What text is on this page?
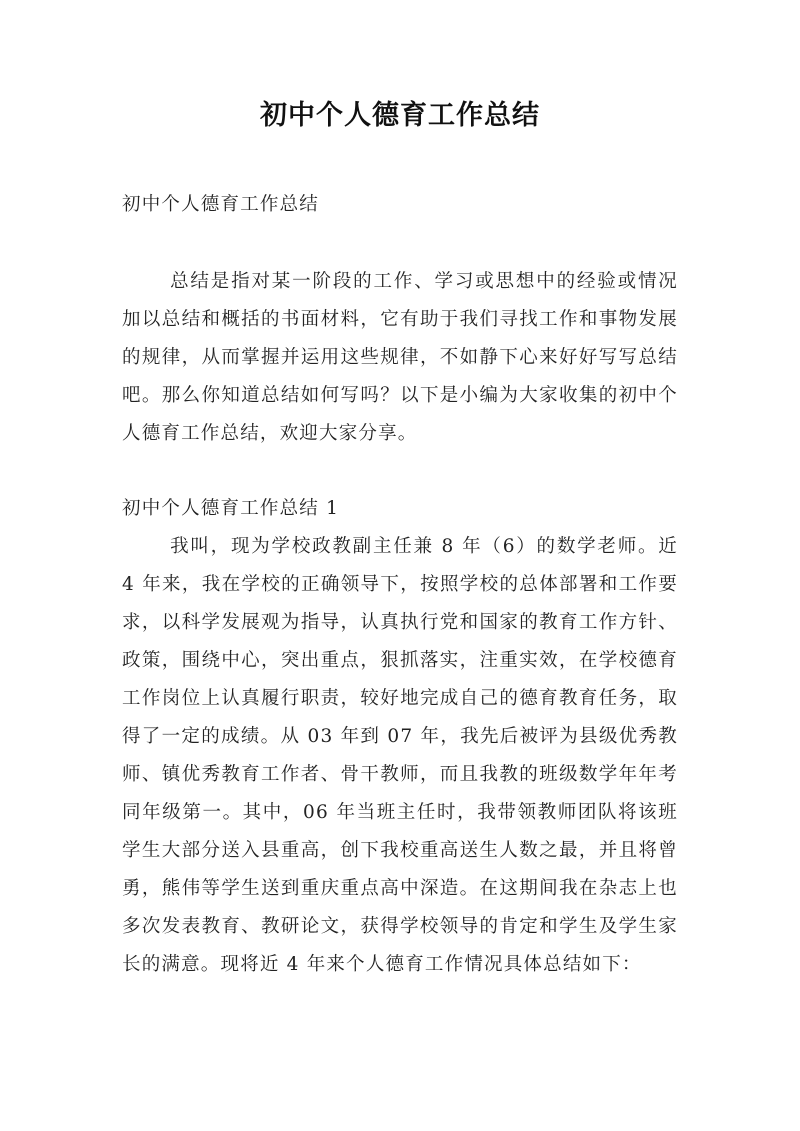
初中个人德育工作总结

初中个人德育工作总结

总结是指对某一阶段的工作、学习或思想中的经验或情况加以总结和概括的书面材料，它有助于我们寻找工作和事物发展的规律，从而掌握并运用这些规律，不如静下心来好好写写总结吧。那么你知道总结如何写吗？以下是小编为大家收集的初中个人德育工作总结，欢迎大家分享。

初中个人德育工作总结 1

我叫，现为学校政教副主任兼 8 年（6）的数学老师。近 4 年来，我在学校的正确领导下，按照学校的总体部署和工作要求，以科学发展观为指导，认真执行党和国家的教育工作方针、政策，围绕中心，突出重点，狠抓落实，注重实效，在学校德育工作岗位上认真履行职责，较好地完成自己的德育教育任务，取得了一定的成绩。从 03 年到 07 年，我先后被评为县级优秀教师、镇优秀教育工作者、骨干教师，而且我教的班级数学年年考同年级第一。其中，06 年当班主任时，我带领教师团队将该班学生大部分送入县重高，创下我校重高送生人数之最，并且将曾勇，熊伟等学生送到重庆重点高中深造。在这期间我在杂志上也多次发表教育、教研论文，获得学校领导的肯定和学生及学生家长的满意。现将近 4 年来个人德育工作情况具体总结如下：
